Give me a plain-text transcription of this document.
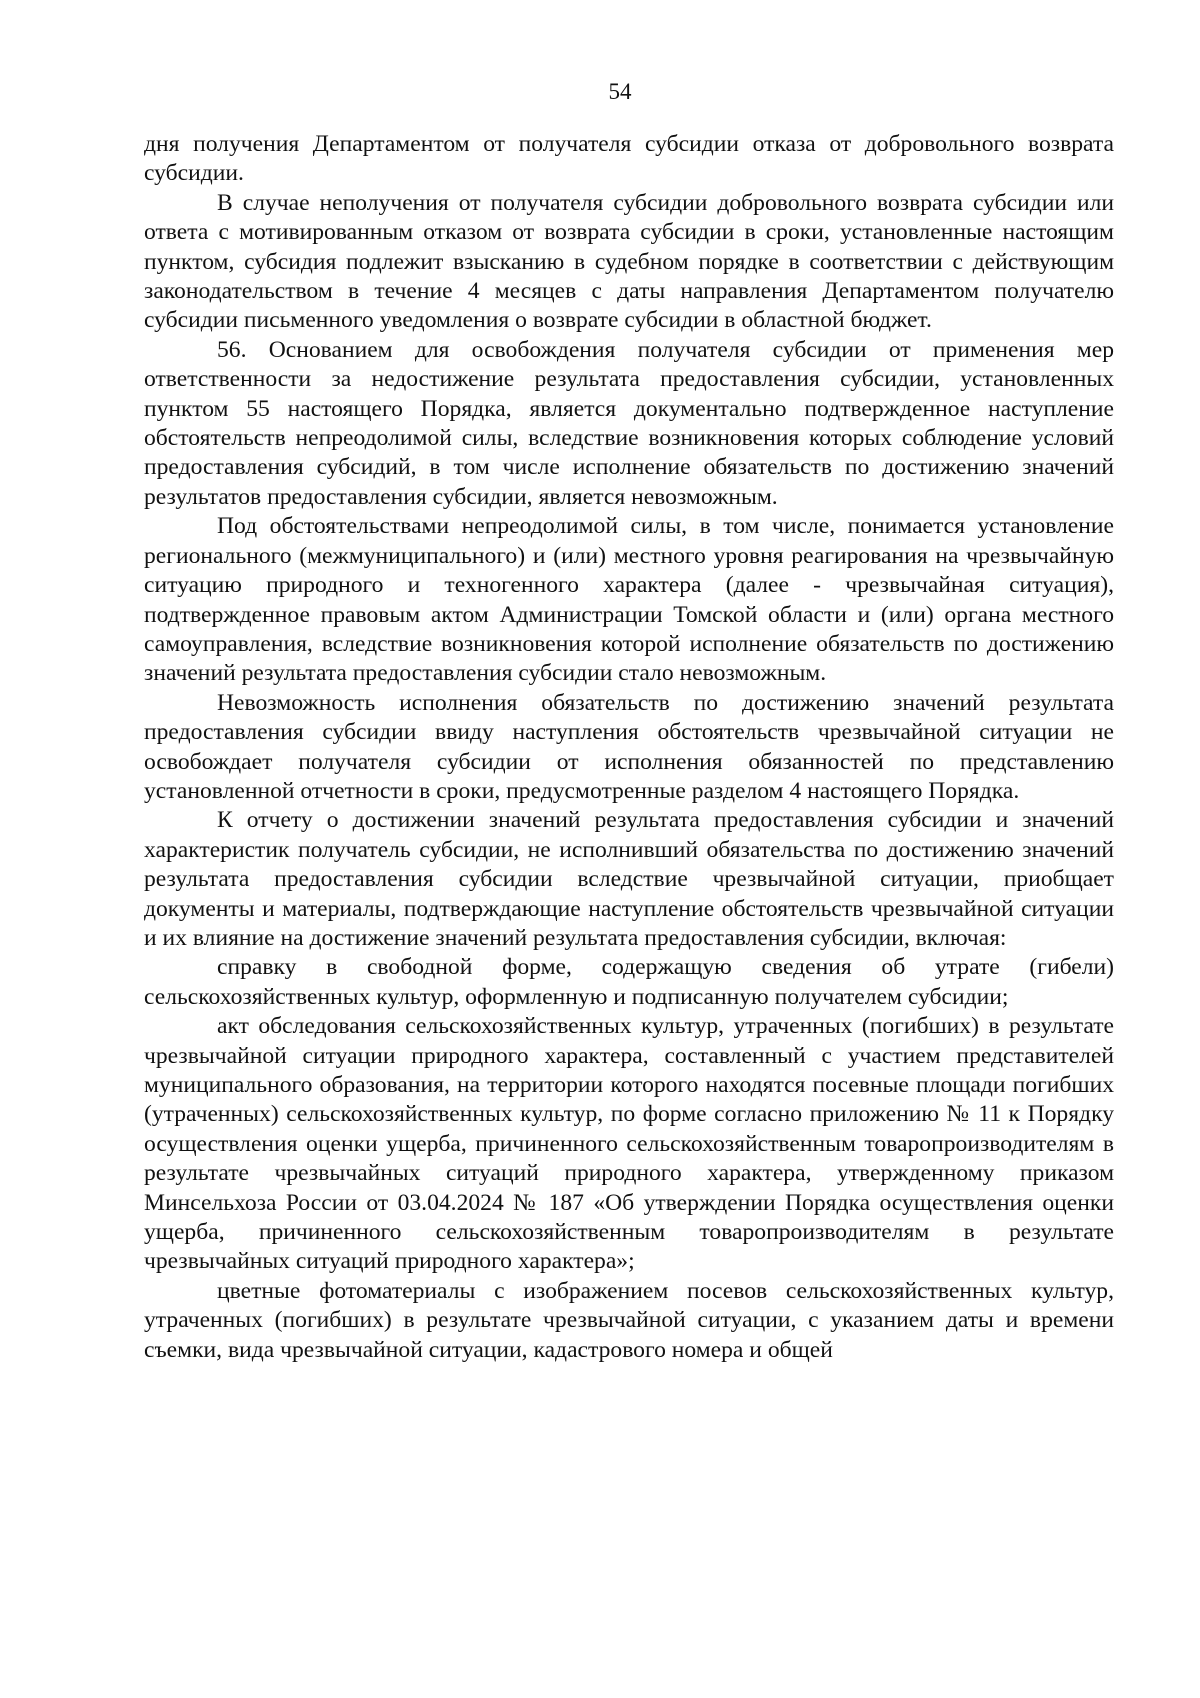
54

дня получения Департаментом от получателя субсидии отказа от добровольного возврата субсидии.

В случае неполучения от получателя субсидии добровольного возврата субсидии или ответа с мотивированным отказом от возврата субсидии в сроки, установленные настоящим пунктом, субсидия подлежит взысканию в судебном порядке в соответствии с действующим законодательством в течение 4 месяцев с даты направления Департаментом получателю субсидии письменного уведомления о возврате субсидии в областной бюджет.

56. Основанием для освобождения получателя субсидии от применения мер ответственности за недостижение результата предоставления субсидии, установленных пунктом 55 настоящего Порядка, является документально подтвержденное наступление обстоятельств непреодолимой силы, вследствие возникновения которых соблюдение условий предоставления субсидий, в том числе исполнение обязательств по достижению значений результатов предоставления субсидии, является невозможным.

Под обстоятельствами непреодолимой силы, в том числе, понимается установление регионального (межмуниципального) и (или) местного уровня реагирования на чрезвычайную ситуацию природного и техногенного характера (далее - чрезвычайная ситуация), подтвержденное правовым актом Администрации Томской области и (или) органа местного самоуправления, вследствие возникновения которой исполнение обязательств по достижению значений результата предоставления субсидии стало невозможным.

Невозможность исполнения обязательств по достижению значений результата предоставления субсидии ввиду наступления обстоятельств чрезвычайной ситуации не освобождает получателя субсидии от исполнения обязанностей по представлению установленной отчетности в сроки, предусмотренные разделом 4 настоящего Порядка.

К отчету о достижении значений результата предоставления субсидии и значений характеристик получатель субсидии, не исполнивший обязательства по достижению значений результата предоставления субсидии вследствие чрезвычайной ситуации, приобщает документы и материалы, подтверждающие наступление обстоятельств чрезвычайной ситуации и их влияние на достижение значений результата предоставления субсидии, включая:

справку в свободной форме, содержащую сведения об утрате (гибели) сельскохозяйственных культур, оформленную и подписанную получателем субсидии;

акт обследования сельскохозяйственных культур, утраченных (погибших) в результате чрезвычайной ситуации природного характера, составленный с участием представителей муниципального образования, на территории которого находятся посевные площади погибших (утраченных) сельскохозяйственных культур, по форме согласно приложению № 11 к Порядку осуществления оценки ущерба, причиненного сельскохозяйственным товаропроизводителям в результате чрезвычайных ситуаций природного характера, утвержденному приказом Минсельхоза России от 03.04.2024 № 187 «Об утверждении Порядка осуществления оценки ущерба, причиненного сельскохозяйственным товаропроизводителям в результате чрезвычайных ситуаций природного характера»;

цветные фотоматериалы с изображением посевов сельскохозяйственных культур, утраченных (погибших) в результате чрезвычайной ситуации, с указанием даты и времени съемки, вида чрезвычайной ситуации, кадастрового номера и общей
